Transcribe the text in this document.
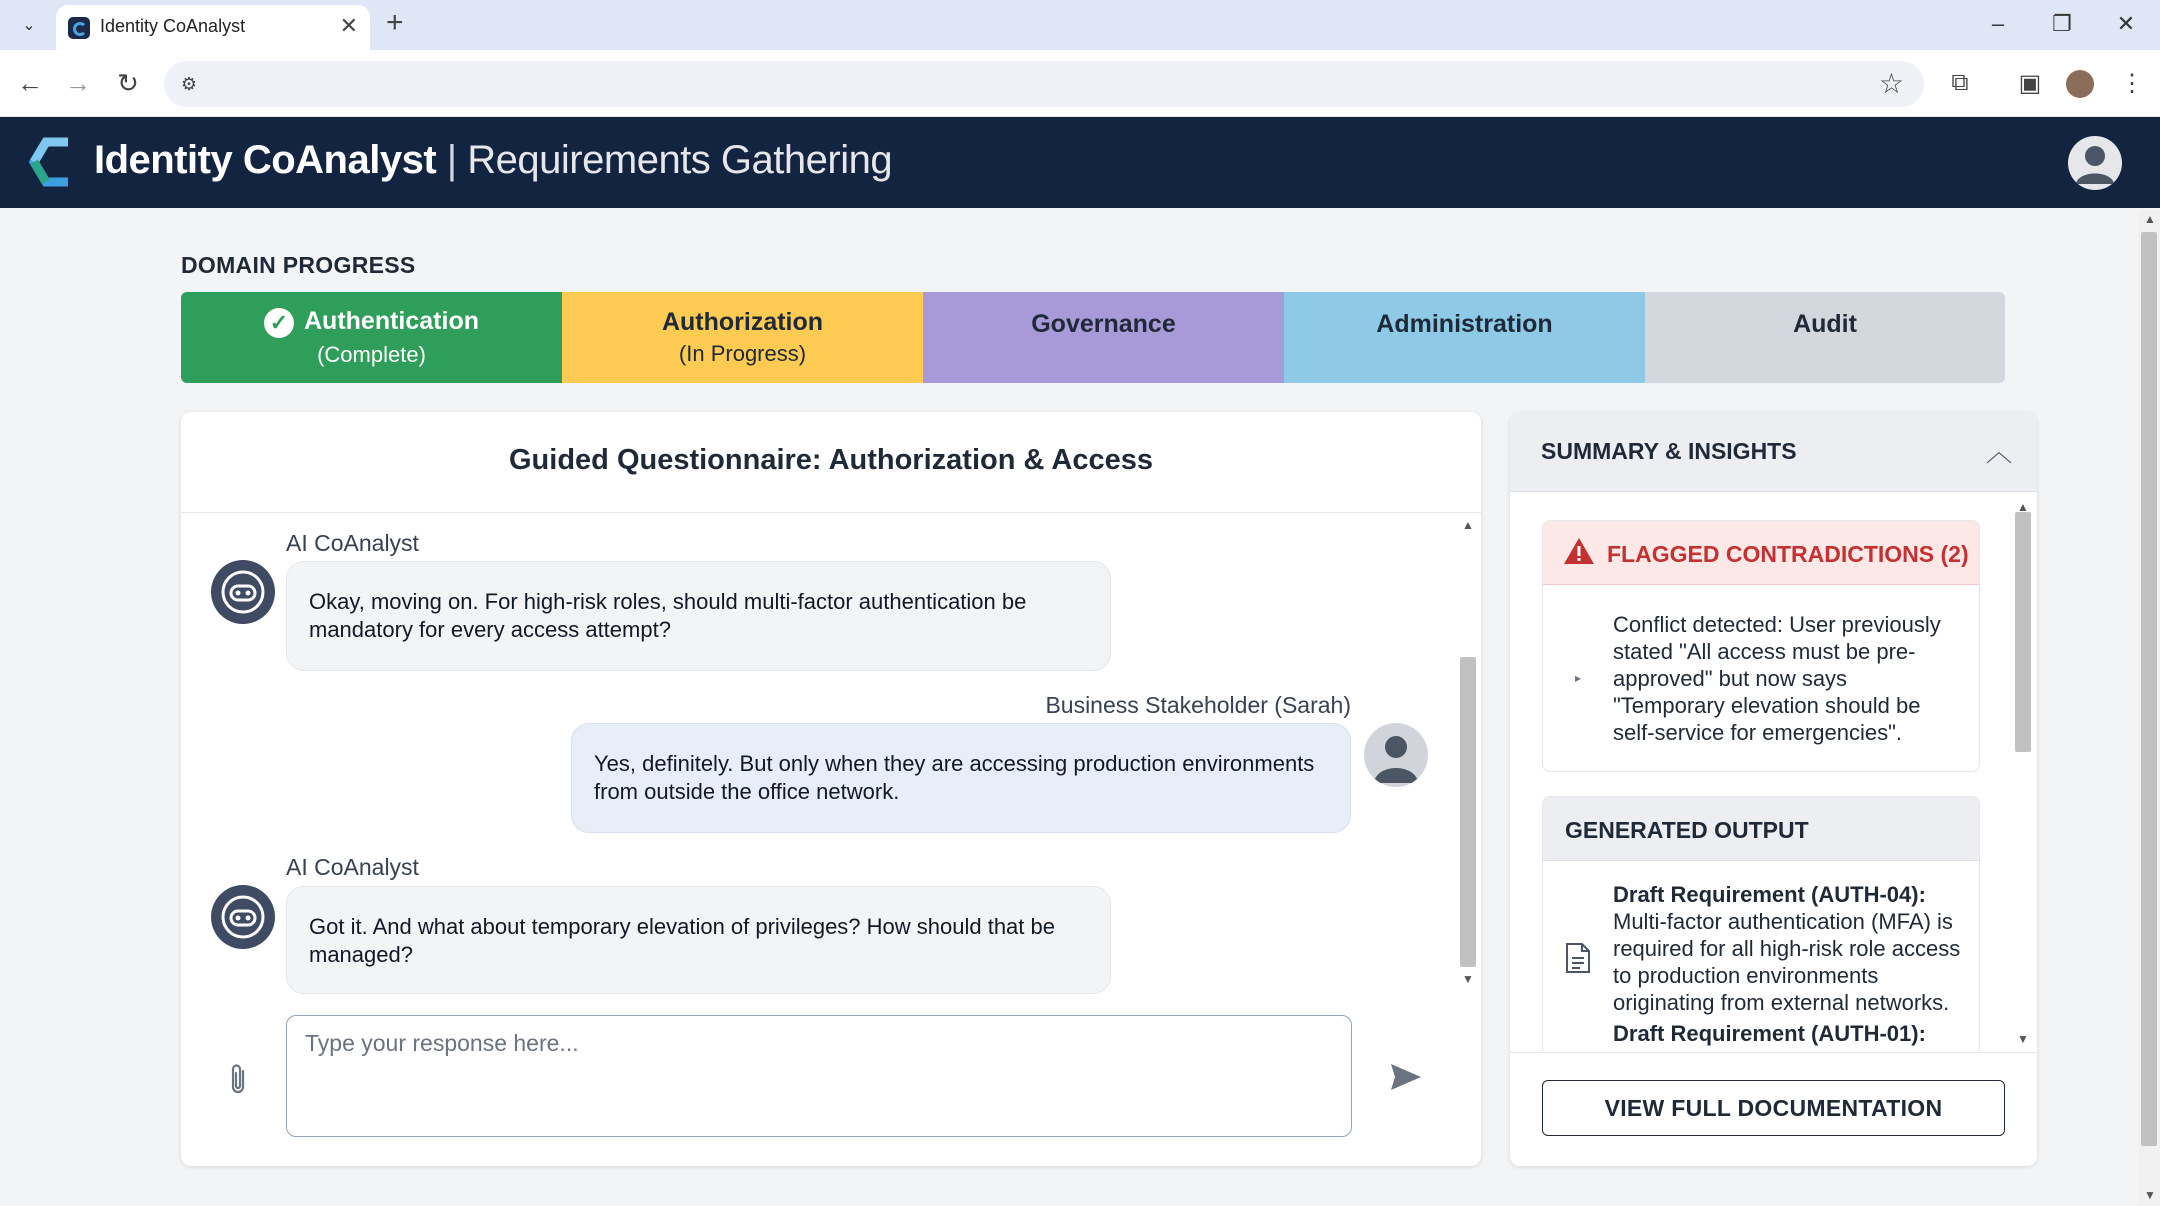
⌄	Identity CoAnalyst	✕ +	–	❐	✕
← →	↻	⚙	☆	⧉	▣	⋮
Identity CoAnalyst | Requirements Gathering
DOMAIN PROGRESS
✓ Authentication
(Complete)
Authorization
(In Progress)
Governance	Administration	Audit
Guided Questionnaire: Authorization & Access
AI CoAnalyst
Okay, moving on. For high-risk roles, should multi-factor authentication be mandatory for every access attempt?
Business Stakeholder (Sarah)
Yes, definitely. But only when they are accessing production environments from outside the office network.
AI CoAnalyst
Got it. And what about temporary elevation of privileges? How should that be managed?
▲
▼
Type your response here...
SUMMARY & INSIGHTS	︿
FLAGGED CONTRADICTIONS (2)
▸
Conflict detected: User previously stated "All access must be pre-approved" but now says "Temporary elevation should be self-service for emergencies".
GENERATED OUTPUT
Draft Requirement (AUTH-04): Multi-factor authentication (MFA) is required for all high-risk role access to production environments originating from external networks.
Draft Requirement (AUTH-01):
▲
▼
VIEW FULL DOCUMENTATION
▲
▼
